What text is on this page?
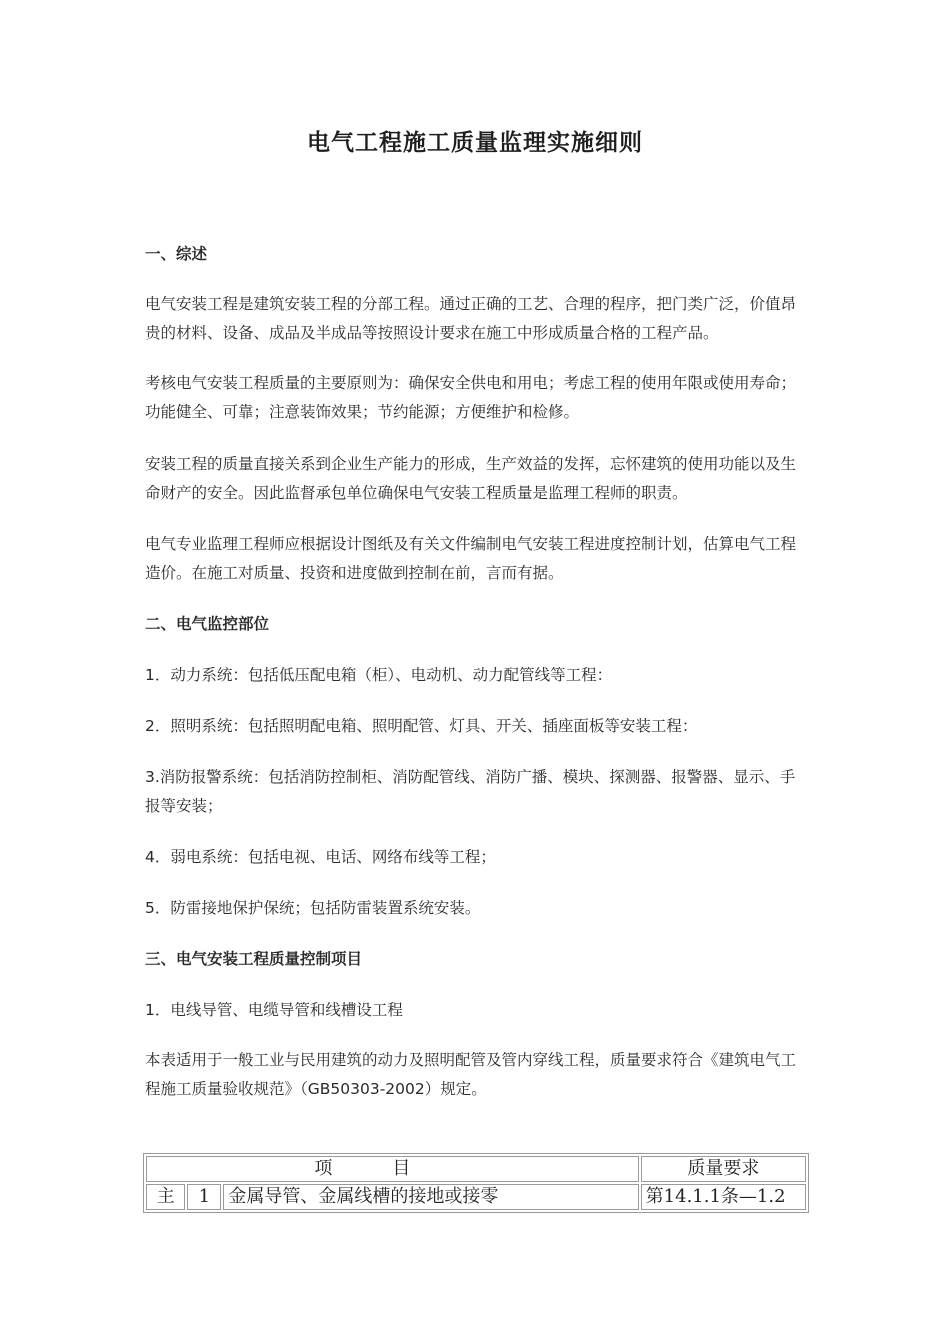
电气工程施工质量监理实施细则
一、综述
电气安装工程是建筑安装工程的分部工程。通过正确的工艺、合理的程序，把门类广泛，价值昂贵的材料、设备、成品及半成品等按照设计要求在施工中形成质量合格的工程产品。
考核电气安装工程质量的主要原则为：确保安全供电和用电；考虑工程的使用年限或使用寿命；功能健全、可靠；注意装饰效果；节约能源；方便维护和检修。
安装工程的质量直接关系到企业生产能力的形成，生产效益的发挥，忘怀建筑的使用功能以及生命财产的安全。因此监督承包单位确保电气安装工程质量是监理工程师的职责。
电气专业监理工程师应根据设计图纸及有关文件编制电气安装工程进度控制计划，估算电气工程造价。在施工对质量、投资和进度做到控制在前，言而有据。
二、电气监控部位
1．动力系统：包括低压配电箱（柜）、电动机、动力配管线等工程：
2．照明系统：包括照明配电箱、照明配管、灯具、开关、插座面板等安装工程：
3.消防报警系统：包括消防控制柜、消防配管线、消防广播、模块、探测器、报警器、显示、手报等安装；
4．弱电系统：包括电视、电话、网络布线等工程；
5．防雷接地保护保统；包括防雷装置系统安装。
三、电气安装工程质量控制项目
1．电线导管、电缆导管和线槽设工程
本表适用于一般工业与民用建筑的动力及照明配管及管内穿线工程，质量要求符合《建筑电气工程施工质量验收规范》（GB50303-2002）规定。
项目			质量要求
主	1	金属导管、金属线槽的接地或接零	第14.1.1条—1.2
